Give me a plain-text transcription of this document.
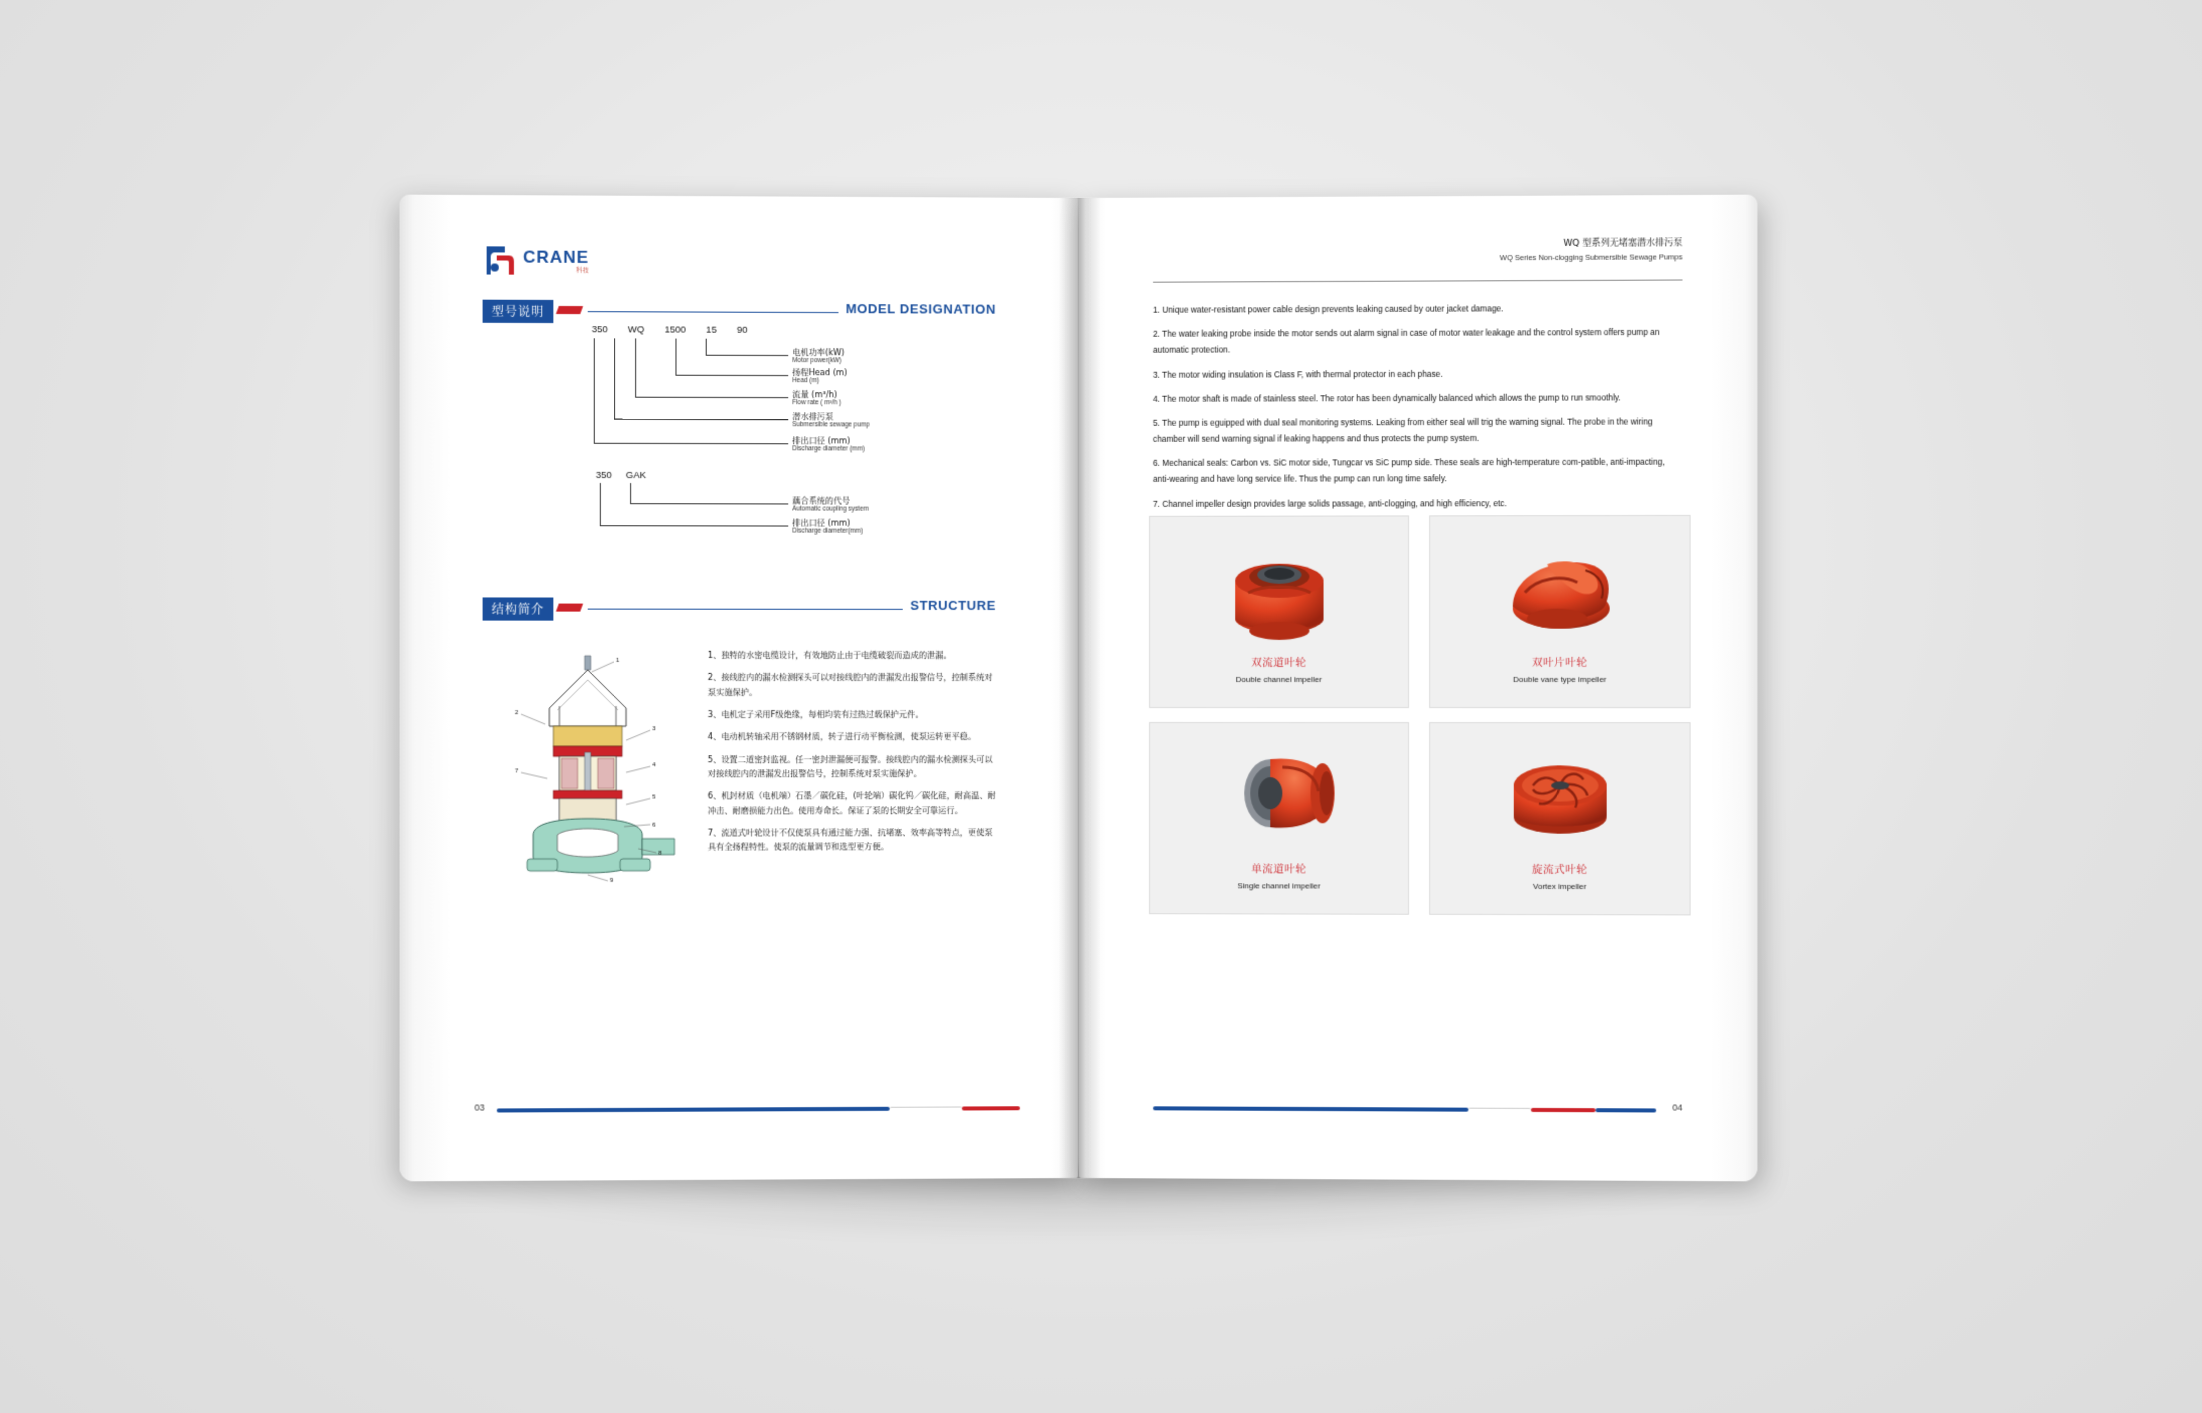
CRANE
科技
型号说明	MODEL DESIGNATION
350 WQ 1500 15 90
350 GAK
电机功率(kW)
Motor power(kW)
扬程Head (m)
Head (m)
流量 (m³/h)
Flow rate ( m³/h )
潜水排污泵
Submersible sewage pump
排出口径 (mm)
Discharge diameter (mm)
藕合系统的代号
Automatic coupling system
排出口径 (mm)
Discharge diameter(mm)
结构简介	STRUCTURE
1
2
3
4
5
6
7
8
9

1、独特的水密电缆设计，有效地防止由于电缆破裂而造成的泄漏。

2、接线腔内的漏水检测探头可以对接线腔内的泄漏发出报警信号，控制系统对泵实施保护。

3、电机定子采用F级绝缘，每相均装有过热过载保护元件。

4、电动机转轴采用不锈钢材质，转子进行动平衡检测，使泵运转更平稳。

5、设置二道密封监视。任一密封泄漏便可报警。接线腔内的漏水检测探头可以对接线腔内的泄漏发出报警信号，控制系统对泵实施保护。

6、机封材质（电机端）石墨／碳化硅，(叶轮端）碳化钨／碳化硅，耐高温、耐冲击、耐磨损能力出色。使用寿命长。保证了泵的长期安全可靠运行。

7、流道式叶轮设计不仅使泵具有通过能力强、抗堵塞、效率高等特点，更使泵具有全扬程特性。使泵的流量调节和选型更方便。

03
WQ 型系列无堵塞潜水排污泵
WQ Series Non-clogging Submersible Sewage Pumps

1. Unique water-resistant power cable design prevents leaking caused by outer jacket damage.

2. The water leaking probe inside the motor sends out alarm signal in case of motor water leakage and the control system offers pump an automatic protection.

3. The motor widing insulation is Class F, with thermal protector in each phase.

4. The motor shaft is made of stainless steel. The rotor has been dynamically balanced which allows the pump to run smoothly.

5. The pump is eguipped with dual seal monitoring systems. Leaking from either seal will trig the warning signal. The probe in the wiring chamber will send warning signal if leaking happens and thus protects the pump system.

6. Mechanical seals: Carbon vs. SiC motor side, Tungcar vs SiC pump side. These seals are high-temperature com-patible, anti-impacting, anti-wearing and have long service life. Thus the pump can run long time safely.

7. Channel impeller design provides large solids passage, anti-clogging, and high efficiency, etc.

双流道叶轮
Double channel impeller
双叶片叶轮
Double vane type impeller
单流道叶轮
Single channel impeller
旋流式叶轮
Vortex impeller
04
